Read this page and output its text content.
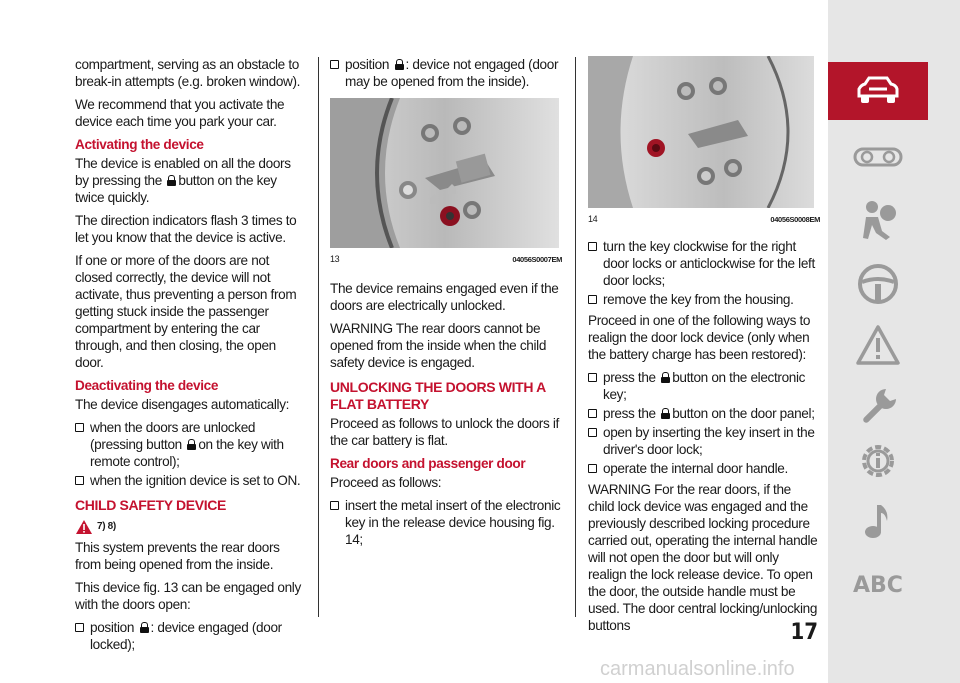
compartment, serving as an obstacle to break-in attempts (e.g. broken window).

We recommend that you activate the device each time you park your car.

Activating the device

The device is enabled on all the doors by pressing the button on the key twice quickly.

The direction indicators flash 3 times to let you know that the device is active.

If one or more of the doors are not closed correctly, the device will not activate, thus preventing a person from getting stuck inside the passenger compartment by entering the car through, and then closing, the open door.

Deactivating the device

The device disengages automatically:

when the doors are unlocked (pressing button on the key with remote control);
when the ignition device is set to ON.
CHILD SAFETY DEVICE
7) 8)

This system prevents the rear doors from being opened from the inside.

This device fig. 13 can be engaged only with the doors open:

position : device engaged (door locked);
position : device not engaged (door may be opened from the inside).
13	04056S0007EM

The device remains engaged even if the doors are electrically unlocked.

WARNING The rear doors cannot be opened from the inside when the child safety device is engaged.

UNLOCKING THE DOORS WITH A FLAT BATTERY

Proceed as follows to unlock the doors if the car battery is flat.

Rear doors and passenger door

Proceed as follows:

insert the metal insert of the electronic key in the release device housing fig. 14;
14	04056S0008EM
turn the key clockwise for the right door locks or anticlockwise for the left door locks;
remove the key from the housing.

Proceed in one of the following ways to realign the door lock device (only when the battery charge has been restored):

press the button on the electronic key;
press the button on the door panel;
open by inserting the key insert in the driver's door lock;
operate the internal door handle.

WARNING For the rear doors, if the child lock device was engaged and the previously described locking procedure carried out, operating the internal handle will not open the door but will only realign the lock release device. To open the door, the outside handle must be used. The door central locking/unlocking buttons

ABC
17
carmanualsonline.info
